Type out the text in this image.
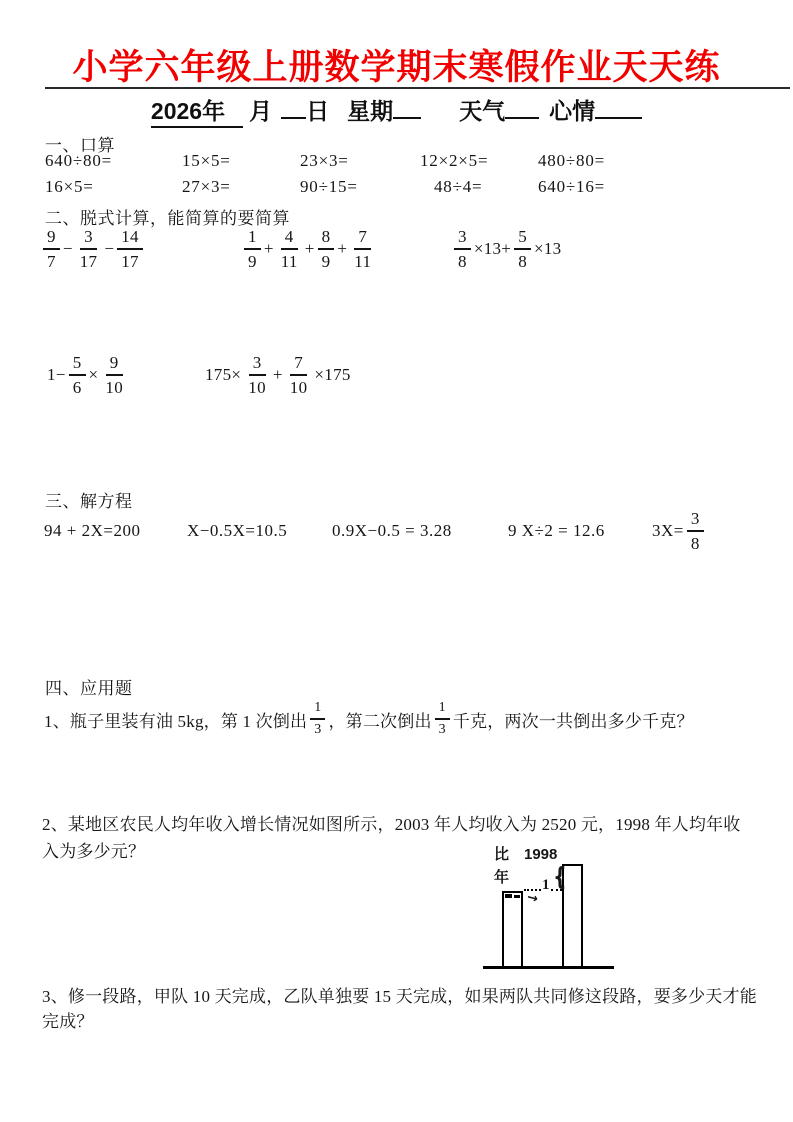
小学六年级上册数学期末寒假作业天天练
2026年	月 日 星期	天气 心情
一、口算
640÷80=	15×5=	23×3=	12×2×5=	480÷80=
16×5=	27×3=	90÷15=	48÷4=	640÷16=
二、脱式计算，能简算的要简算
$\frac{9}{7} - \frac{3}{17} - \frac{14}{17}$	$\frac{1}{9} + \frac{4}{11} + \frac{8}{9} + \frac{7}{11}$	$\frac{3}{8} \times 13+ \frac{5}{8} \times 13$
$1- \frac{5}{6} \times \frac{9}{10}$	$175\times \frac{3}{10} + \frac{7}{10} \times 175$
三、解方程
94 + 2X=200	X−0.5X=10.5	0.9X−0.5 = 3.28	9 X÷2 = 12.6	$3X= \frac{3}{8}$
四、应用题
1、瓶子里装有油 5kg，第 1 次倒出 $\frac{1}{3}$ ，第二次倒出 $\frac{1}{3}$ 千克，两次一共倒出多少千克？
2、某地区农民人均年收入增长情况如图所示，2003 年人均收入为 2520 元，1998 年人均年收入为多少元？
3、修一段路，甲队 10 天完成，乙队单独要 15 天完成，如果两队共同修这段路，要多少天才能完成？
比　1998
年 1 {
→
